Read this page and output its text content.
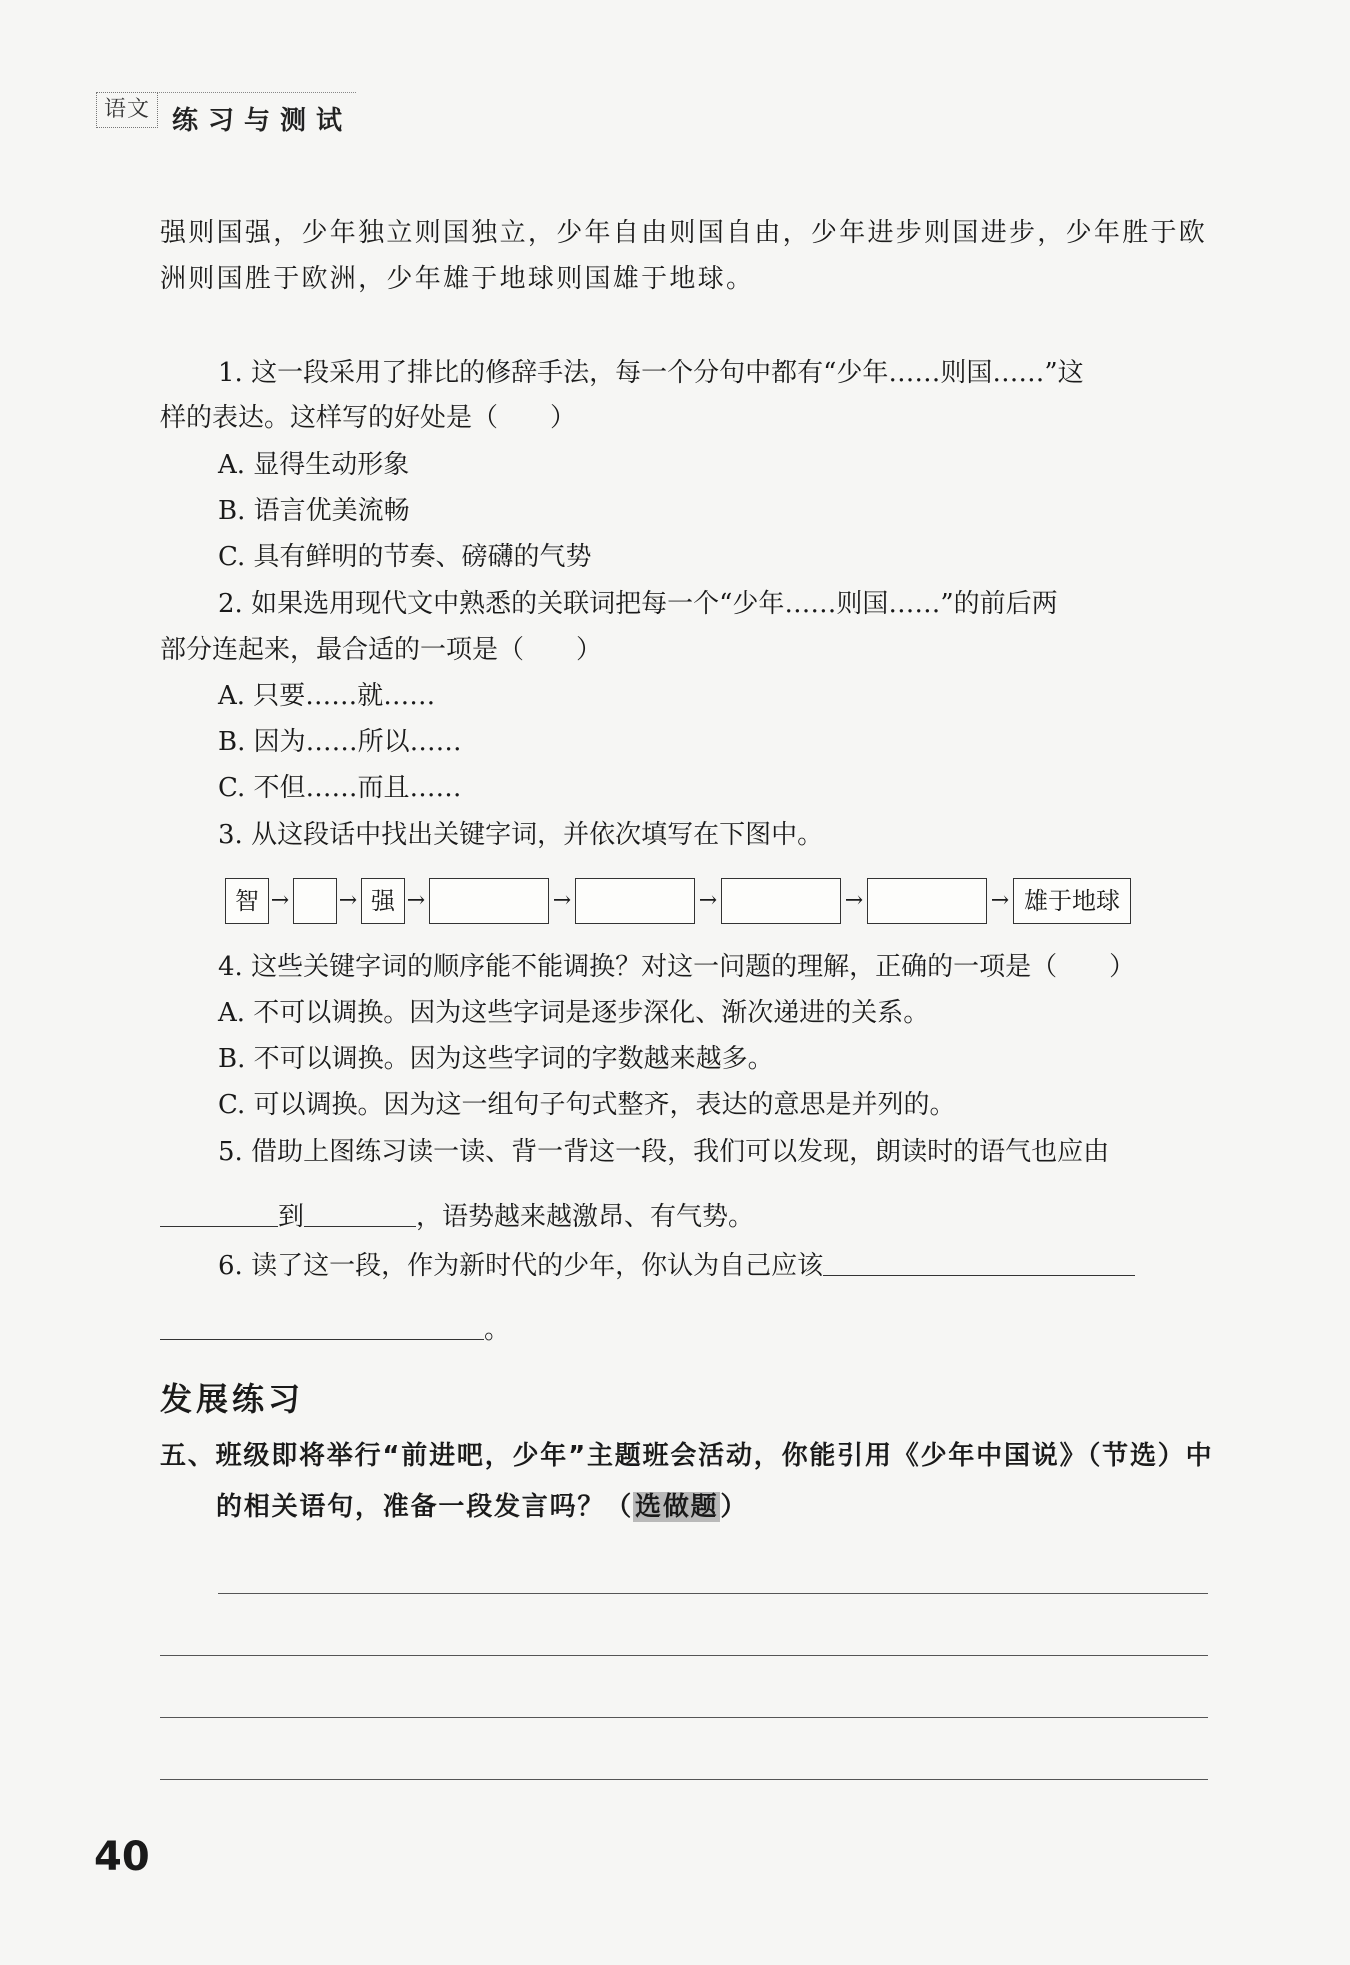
语文 练习与测试
强则国强，少年独立则国独立，少年自由则国自由，少年进步则国进步，少年胜于欧
洲则国胜于欧洲，少年雄于地球则国雄于地球。
1. 这一段采用了排比的修辞手法，每一个分句中都有“少年……则国……”这
样的表达。这样写的好处是（　　）
A. 显得生动形象
B. 语言优美流畅
C. 具有鲜明的节奏、磅礴的气势
2. 如果选用现代文中熟悉的关联词把每一个“少年……则国……”的前后两
部分连起来，最合适的一项是（　　）
A. 只要……就……
B. 因为……所以……
C. 不但……而且……
3. 从这段话中找出关键字词，并依次填写在下图中。
智 → → 强 →	→	→	→	→ 雄于地球
4. 这些关键字词的顺序能不能调换？对这一问题的理解，正确的一项是（　　）
A. 不可以调换。因为这些字词是逐步深化、渐次递进的关系。
B. 不可以调换。因为这些字词的字数越来越多。
C. 可以调换。因为这一组句子句式整齐，表达的意思是并列的。
5. 借助上图练习读一读、背一背这一段，我们可以发现，朗读时的语气也应由
到	，语势越来越激昂、有气势。
6. 读了这一段，作为新时代的少年，你认为自己应该
。
发展练习
五、班级即将举行“前进吧，少年”主题班会活动，你能引用《少年中国说》（节选）中
的相关语句，准备一段发言吗？（选做题）
40
